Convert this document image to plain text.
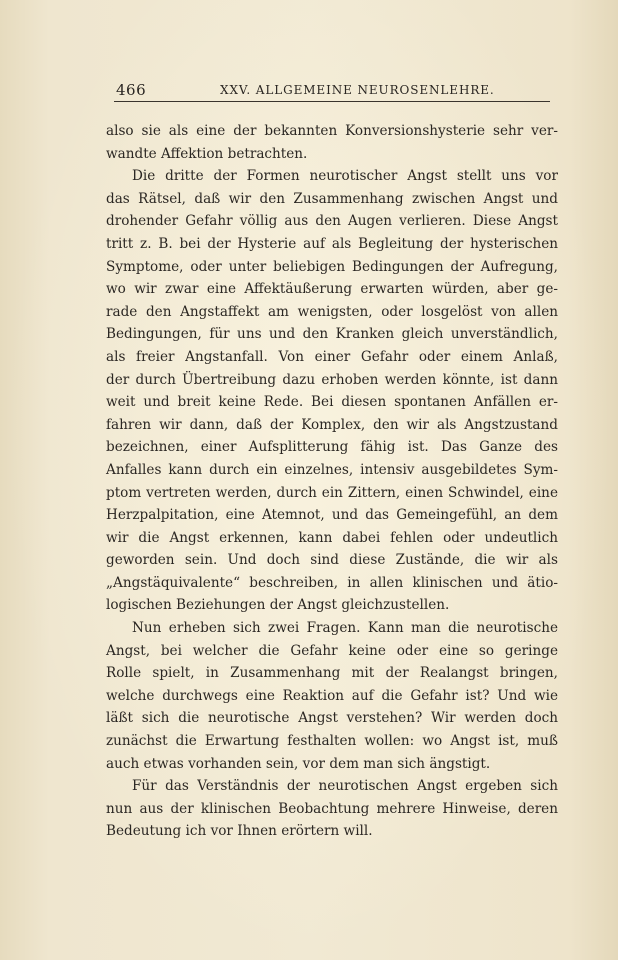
466	XXV. ALLGEMEINE NEUROSENLEHRE.
also sie als eine der bekannten Konversionshysterie sehr ver-
wandte Affektion betrachten.
Die dritte der Formen neurotischer Angst stellt uns vor
das Rätsel, daß wir den Zusammenhang zwischen Angst und
drohender Gefahr völlig aus den Augen verlieren. Diese Angst
tritt z. B. bei der Hysterie auf als Begleitung der hysterischen
Symptome, oder unter beliebigen Bedingungen der Aufregung,
wo wir zwar eine Affektäußerung erwarten würden, aber ge-
rade den Angstaffekt am wenigsten, oder losgelöst von allen
Bedingungen, für uns und den Kranken gleich unverständlich,
als freier Angstanfall. Von einer Gefahr oder einem Anlaß,
der durch Übertreibung dazu erhoben werden könnte, ist dann
weit und breit keine Rede. Bei diesen spontanen Anfällen er-
fahren wir dann, daß der Komplex, den wir als Angstzustand
bezeichnen, einer Aufsplitterung fähig ist. Das Ganze des
Anfalles kann durch ein einzelnes, intensiv ausgebildetes Sym-
ptom vertreten werden, durch ein Zittern, einen Schwindel, eine
Herzpalpitation, eine Atemnot, und das Gemeingefühl, an dem
wir die Angst erkennen, kann dabei fehlen oder undeutlich
geworden sein. Und doch sind diese Zustände, die wir als
„Angstäquivalente“ beschreiben, in allen klinischen und ätio-
logischen Beziehungen der Angst gleichzustellen.
Nun erheben sich zwei Fragen. Kann man die neurotische
Angst, bei welcher die Gefahr keine oder eine so geringe
Rolle spielt, in Zusammenhang mit der Realangst bringen,
welche durchwegs eine Reaktion auf die Gefahr ist? Und wie
läßt sich die neurotische Angst verstehen? Wir werden doch
zunächst die Erwartung festhalten wollen: wo Angst ist, muß
auch etwas vorhanden sein, vor dem man sich ängstigt.
Für das Verständnis der neurotischen Angst ergeben sich
nun aus der klinischen Beobachtung mehrere Hinweise, deren
Bedeutung ich vor Ihnen erörtern will.
